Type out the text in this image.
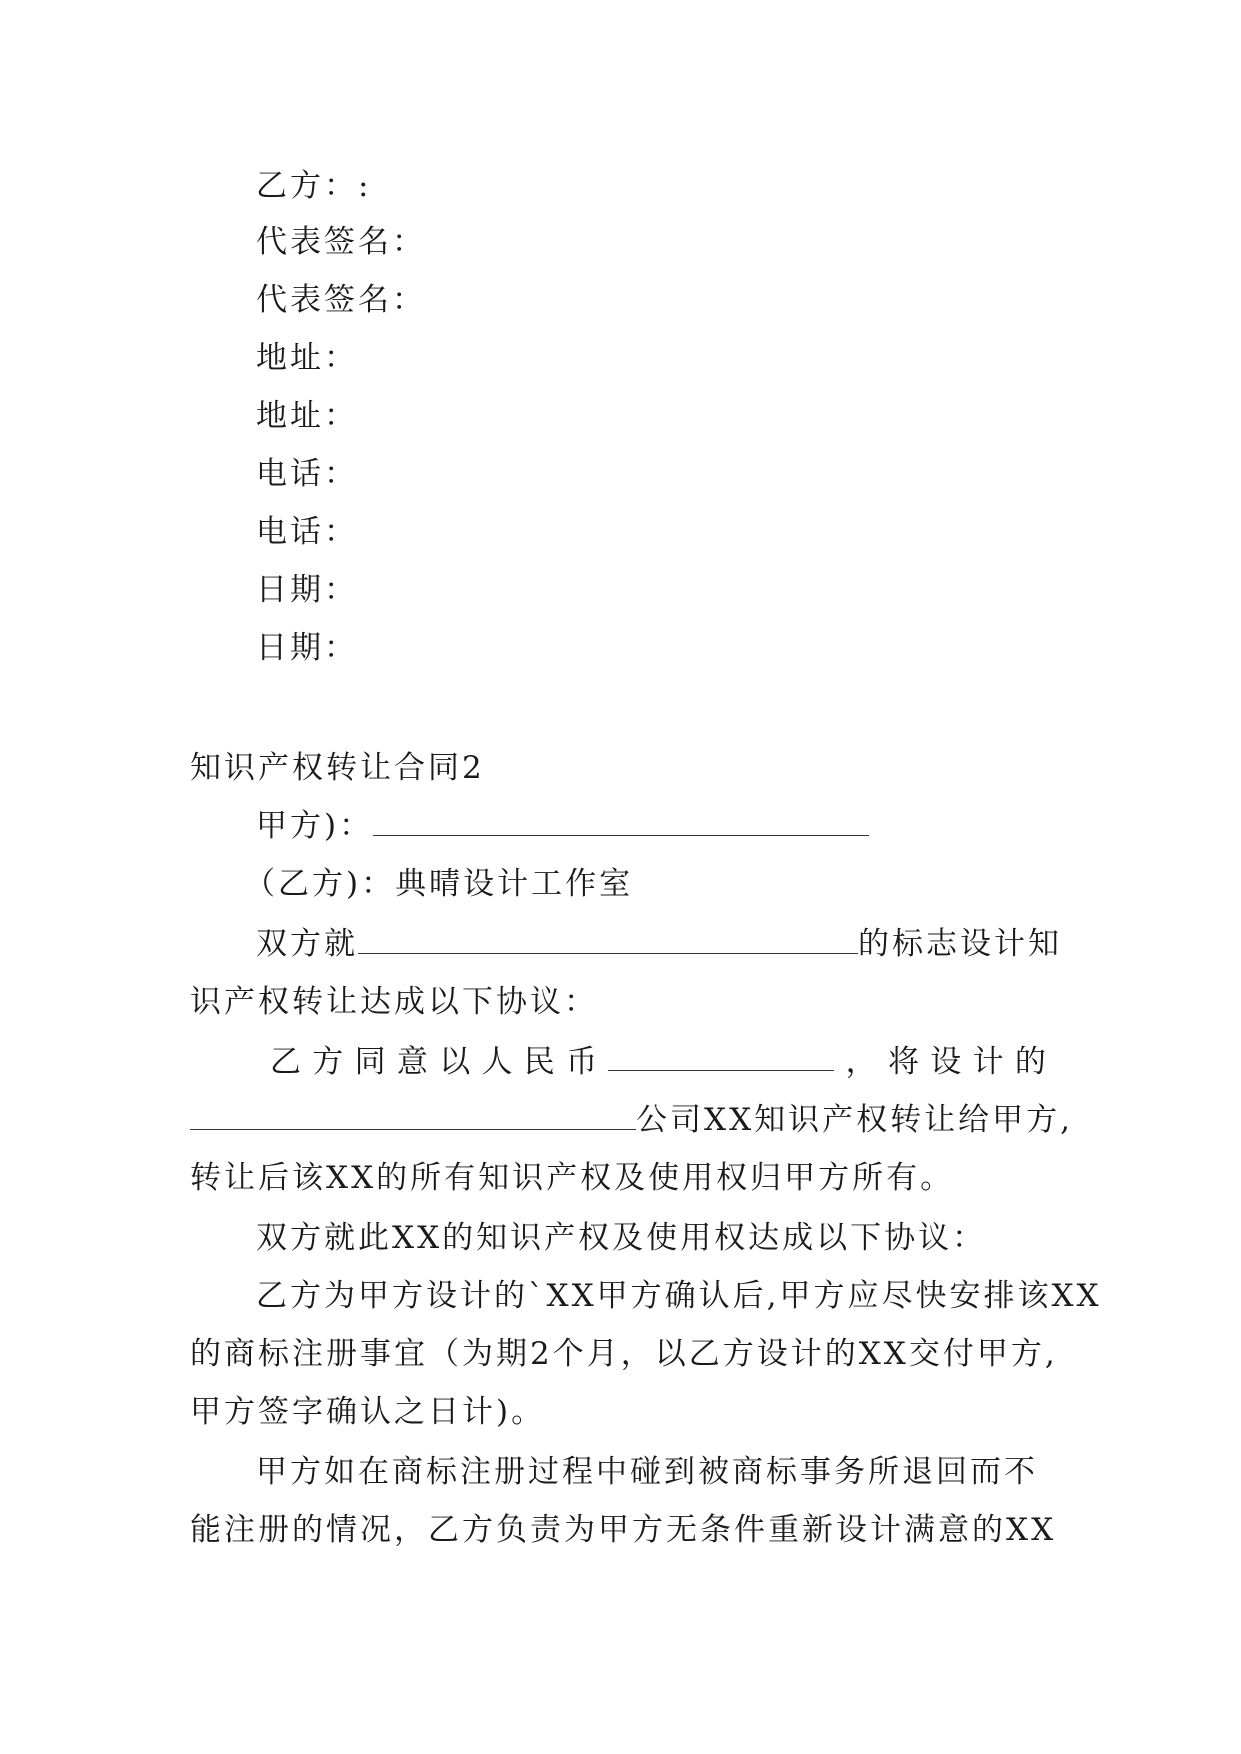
乙方：:
代表签名：
代表签名：
地址：
地址：
电话：
电话：
日期：
日期：
知识产权转让合同2
甲方)：
（乙方)：典晴设计工作室
双方就	的标志设计知
识产权转让达成以下协议：
乙 方 同 意 以 人 民 币	， 将 设 计 的
公司XX知识产权转让给甲方,
转让后该XX的所有知识产权及使用权归甲方所有。
双方就此XX的知识产权及使用权达成以下协议：
乙方为甲方设计的`XX甲方确认后,甲方应尽快安排该XX
的商标注册事宜（为期2个月，以乙方设计的XX交付甲方,
甲方签字确认之日计)。
甲方如在商标注册过程中碰到被商标事务所退回而不
能注册的情况，乙方负责为甲方无条件重新设计满意的XX
